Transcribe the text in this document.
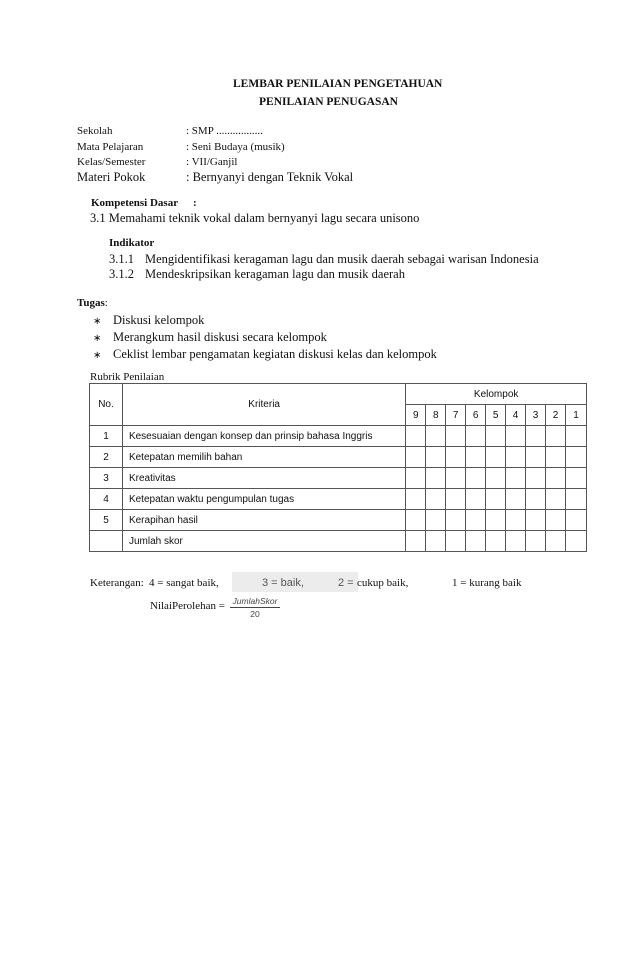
LEMBAR PENILAIAN PENGETAHUAN
PENILAIAN PENUGASAN
Sekolah	: SMP .................
Mata Pelajaran	: Seni Budaya (musik)
Kelas/Semester	: VII/Ganjil
Materi Pokok	: Bernyanyi dengan Teknik Vokal
Kompetensi Dasar :
3.1 Memahami teknik vokal dalam bernyanyi lagu secara unisono
Indikator
3.1.1 Mengidentifikasi keragaman lagu dan musik daerah sebagai warisan Indonesia
3.1.2 Mendeskripsikan keragaman lagu dan musik daerah
Tugas:
∗ Diskusi kelompok
∗ Merangkum hasil diskusi secara kelompok
∗ Ceklist lembar pengamatan kegiatan diskusi kelas dan kelompok
Rubrik Penilaian
No.	Kriteria	Kelompok								
		9	8	7	6	5	4	3	2	1
1	Kesesuaian dengan konsep dan prinsip bahasa Inggris									
2	Ketepatan memilih bahan									
3	Kreativitas									
4	Ketepatan waktu pengumpulan tugas									
5	Kerapihan hasil									
	Jumlah skor									
Keterangan: 4 = sangat baik,	3 = baik,	2 = cukup baik,	1 = kurang baik
NilaiPerolehan = JumlahSkor
20
